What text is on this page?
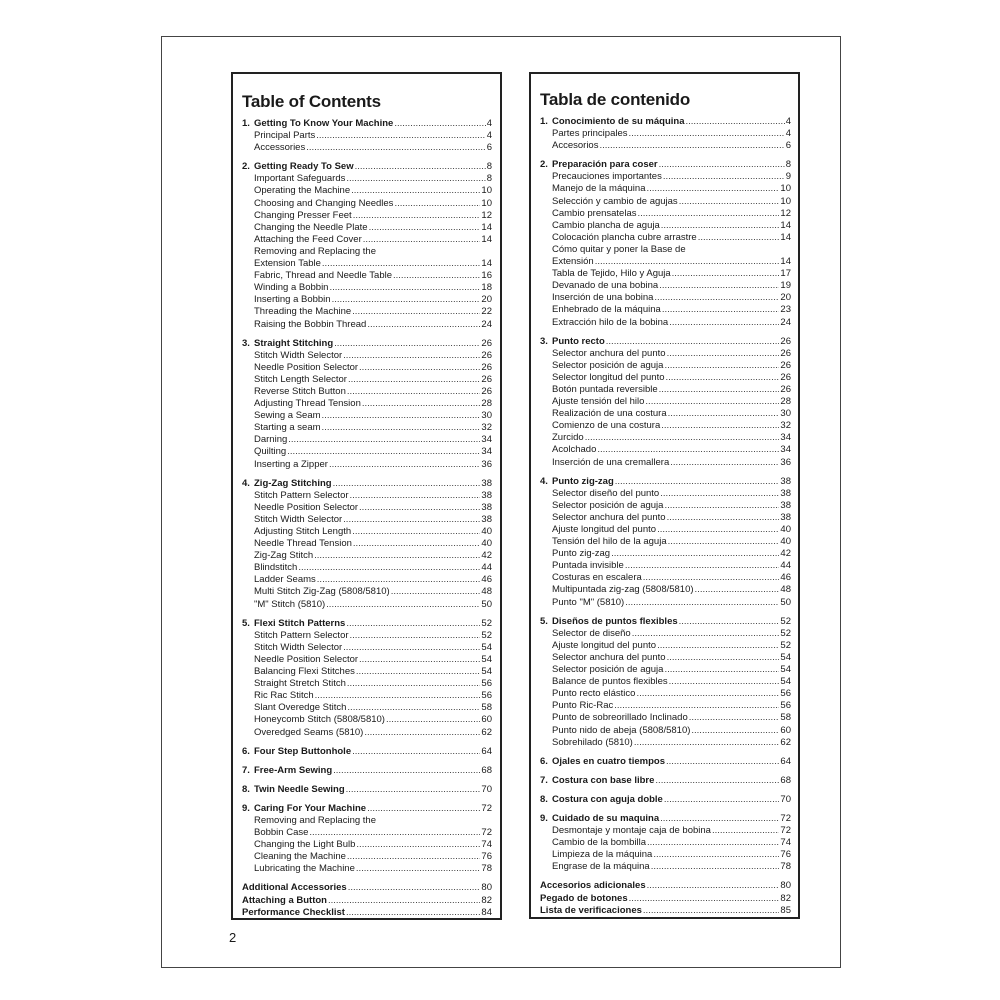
Table of Contents
1. Getting To Know Your Machine .....	4
Principal Parts .....	4
Accessories .....	6
2. Getting Ready To Sew .....	8
Important Safeguards .....	8
Operating the Machine .....	10
Choosing and Changing Needles .....	10
Changing Presser Feet .....	12
Changing the Needle Plate .....	14
Attaching the Feed Cover .....	14
Removing and Replacing the
Extension Table .....	14
Fabric, Thread and Needle Table .....	16
Winding a Bobbin .....	18
Inserting a Bobbin .....	20
Threading the Machine .....	22
Raising the Bobbin Thread .....	24
3. Straight Stitching .....	26
Stitch Width Selector .....	26
Needle Position Selector .....	26
Stitch Length Selector .....	26
Reverse Stitch Button .....	26
Adjusting Thread Tension .....	28
Sewing a Seam .....	30
Starting a seam .....	32
Darning .....	34
Quilting .....	34
Inserting a Zipper .....	36
4. Zig-Zag Stitching .....	38
Stitch Pattern Selector .....	38
Needle Position Selector .....	38
Stitch Width Selector .....	38
Adjusting Stitch Length .....	40
Needle Thread Tension .....	40
Zig-Zag Stitch .....	42
Blindstitch .....	44
Ladder Seams .....	46
Multi Stitch Zig-Zag (5808/5810) .....	48
"M" Stitch (5810) .....	50
5. Flexi Stitch Patterns .....	52
Stitch Pattern Selector .....	52
Stitch Width Selector .....	54
Needle Position Selector .....	54
Balancing Flexi Stitches .....	54
Straight Stretch Stitch .....	56
Ric Rac Stitch .....	56
Slant Overedge Stitch .....	58
Honeycomb Stitch (5808/5810) .....	60
Overedged Seams (5810) .....	62
6. Four Step Buttonhole .....	64
7. Free-Arm Sewing .....	68
8. Twin Needle Sewing .....	70
9. Caring For Your Machine .....	72
Removing and Replacing the
Bobbin Case .....	72
Changing the Light Bulb .....	74
Cleaning the Machine .....	76
Lubricating the Machine .....	78
Additional Accessories .....	80
Attaching a Button .....	82
Performance Checklist .....	84
Tabla de contenido
1. Conocimiento de su máquina .....	4
Partes principales .....	4
Accesorios .....	6
2. Preparación para coser .....	8
Precauciones importantes .....	9
Manejo de la máquina .....	10
Selección y cambio de agujas .....	10
Cambio prensatelas .....	12
Cambio plancha de aguja .....	14
Colocación plancha cubre arrastre .....	14
Cómo quitar y poner la Base de
Extensión .....	14
Tabla de Tejido, Hilo y Aguja .....	17
Devanado de una bobina .....	19
Inserción de una bobina .....	20
Enhebrado de la máquina .....	23
Extracción hilo de la bobina .....	24
3. Punto recto .....	26
Selector anchura del punto .....	26
Selector posición de aguja .....	26
Selector longitud del punto .....	26
Botón puntada reversible .....	26
Ajuste tensión del hilo .....	28
Realización de una costura .....	30
Comienzo de una costura .....	32
Zurcido .....	34
Acolchado .....	34
Inserción de una cremallera .....	36
4. Punto zig-zag .....	38
Selector diseño del punto .....	38
Selector posición de aguja .....	38
Selector anchura del punto .....	38
Ajuste longitud del punto .....	40
Tensión del hilo de la aguja .....	40
Punto zig-zag .....	42
Puntada invisible .....	44
Costuras en escalera .....	46
Multipuntada zig-zag (5808/5810) .....	48
Punto "M" (5810) .....	50
5. Diseños de puntos flexibles .....	52
Selector de diseño .....	52
Ajuste longitud del punto .....	52
Selector anchura del punto .....	54
Selector posición de aguja .....	54
Balance de puntos flexibles .....	54
Punto recto elástico .....	56
Punto Ric-Rac .....	56
Punto de sobreorillado Inclinado .....	58
Punto nido de abeja (5808/5810) .....	60
Sobrehilado (5810) .....	62
6. Ojales en cuatro tiempos .....	64
7. Costura con base libre .....	68
8. Costura con aguja doble .....	70
9. Cuidado de su maquina .....	72
Desmontaje y montaje caja de bobina .....	72
Cambio de la bombilla .....	74
Limpieza de la máquina .....	76
Engrase de la máquina .....	78
Accesorios adicionales .....	80
Pegado de botones .....	82
Lista de verificaciones .....	85
2
